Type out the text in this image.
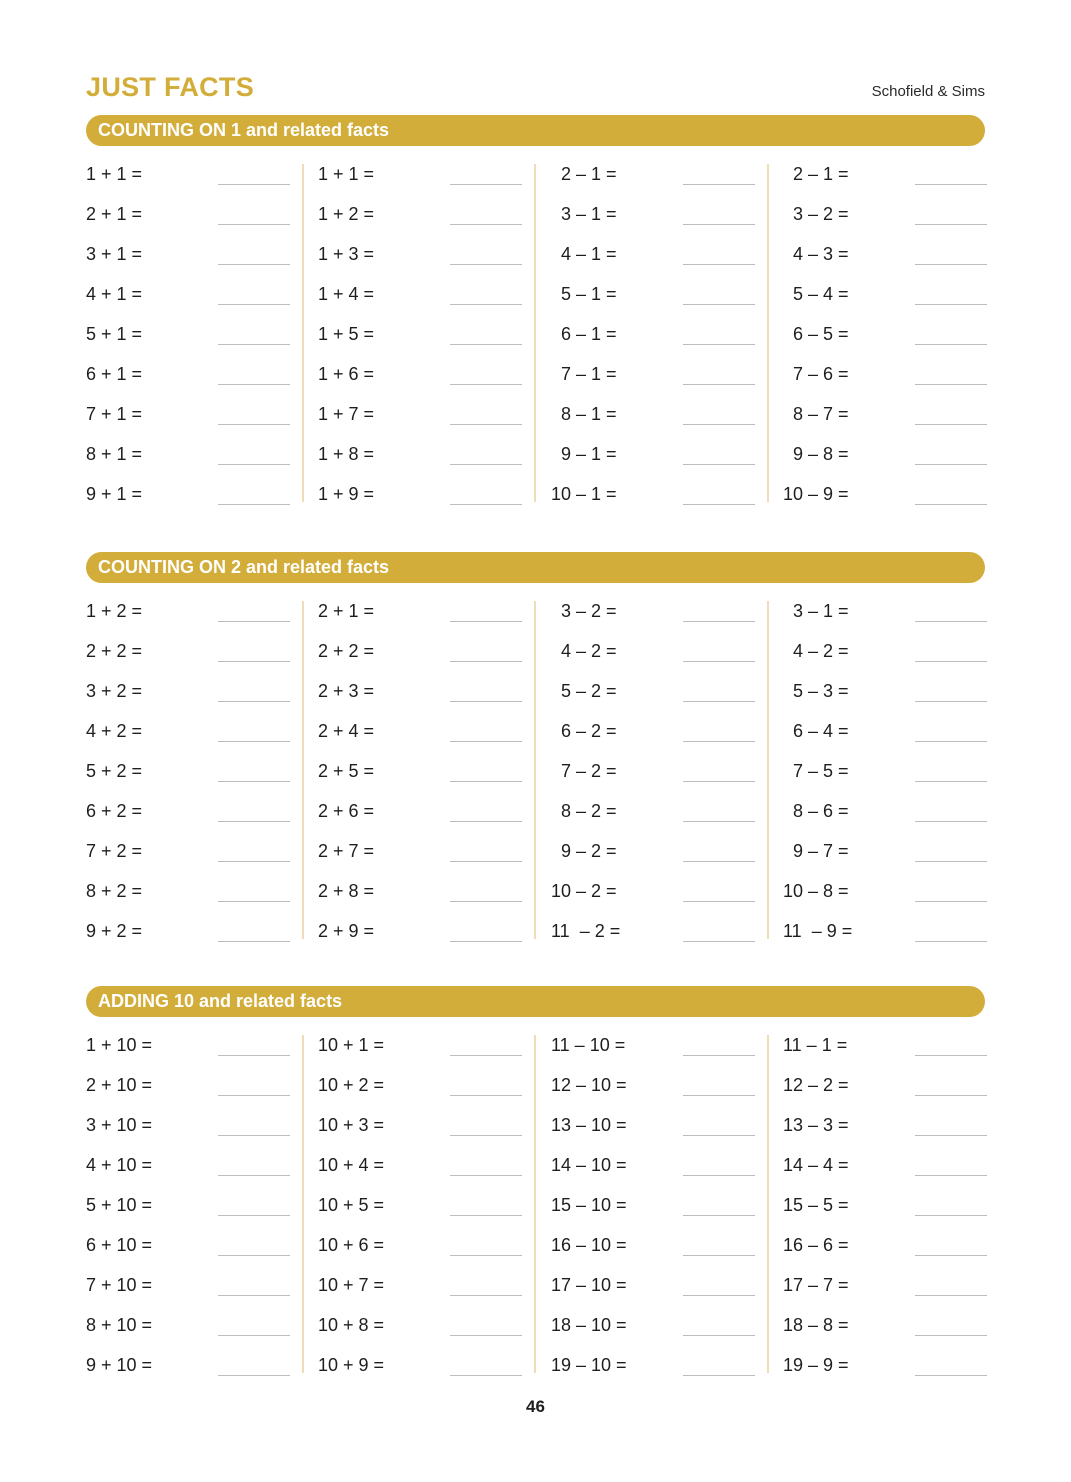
JUST FACTS	Schofield & Sims
COUNTING ON 1 and related facts
1 + 1 =
2 + 1 =
3 + 1 =
4 + 1 =
5 + 1 =
6 + 1 =
7 + 1 =
8 + 1 =
9 + 1 =
1 + 1 =
1 + 2 =
1 + 3 =
1 + 4 =
1 + 5 =
1 + 6 =
1 + 7 =
1 + 8 =
1 + 9 =
2 – 1 =
3 – 1 =
4 – 1 =
5 – 1 =
6 – 1 =
7 – 1 =
8 – 1 =
9 – 1 =
10 – 1 =
2 – 1 =
3 – 2 =
4 – 3 =
5 – 4 =
6 – 5 =
7 – 6 =
8 – 7 =
9 – 8 =
10 – 9 =
COUNTING ON 2 and related facts
1 + 2 =
2 + 2 =
3 + 2 =
4 + 2 =
5 + 2 =
6 + 2 =
7 + 2 =
8 + 2 =
9 + 2 =
2 + 1 =
2 + 2 =
2 + 3 =
2 + 4 =
2 + 5 =
2 + 6 =
2 + 7 =
2 + 8 =
2 + 9 =
3 – 2 =
4 – 2 =
5 – 2 =
6 – 2 =
7 – 2 =
8 – 2 =
9 – 2 =
10 – 2 =
11  – 2 =
3 – 1 =
4 – 2 =
5 – 3 =
6 – 4 =
7 – 5 =
8 – 6 =
9 – 7 =
10 – 8 =
11  – 9 =
ADDING 10 and related facts
1 + 10 =
2 + 10 =
3 + 10 =
4 + 10 =
5 + 10 =
6 + 10 =
7 + 10 =
8 + 10 =
9 + 10 =
10 + 1 =
10 + 2 =
10 + 3 =
10 + 4 =
10 + 5 =
10 + 6 =
10 + 7 =
10 + 8 =
10 + 9 =
11 – 10 =
12 – 10 =
13 – 10 =
14 – 10 =
15 – 10 =
16 – 10 =
17 – 10 =
18 – 10 =
19 – 10 =
11 – 1 =
12 – 2 =
13 – 3 =
14 – 4 =
15 – 5 =
16 – 6 =
17 – 7 =
18 – 8 =
19 – 9 =
46
